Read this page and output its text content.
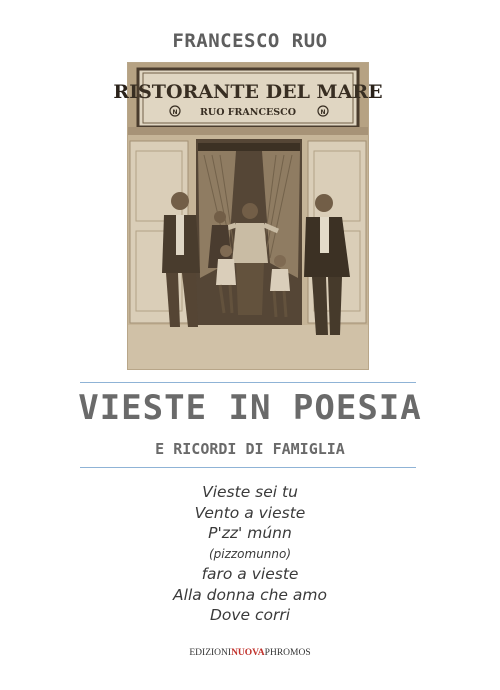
FRANCESCO RUO
RISTORANTE DEL MARE
N RUO FRANCESCO	N
VIESTE IN POESIA
E RICORDI DI FAMIGLIA
Vieste sei tu
Vento a vieste
P'zz' múnn
(pizzomunno)
faro a vieste
Alla donna che amo
Dove corri
EDIZIONINUOVAPHROMOS
